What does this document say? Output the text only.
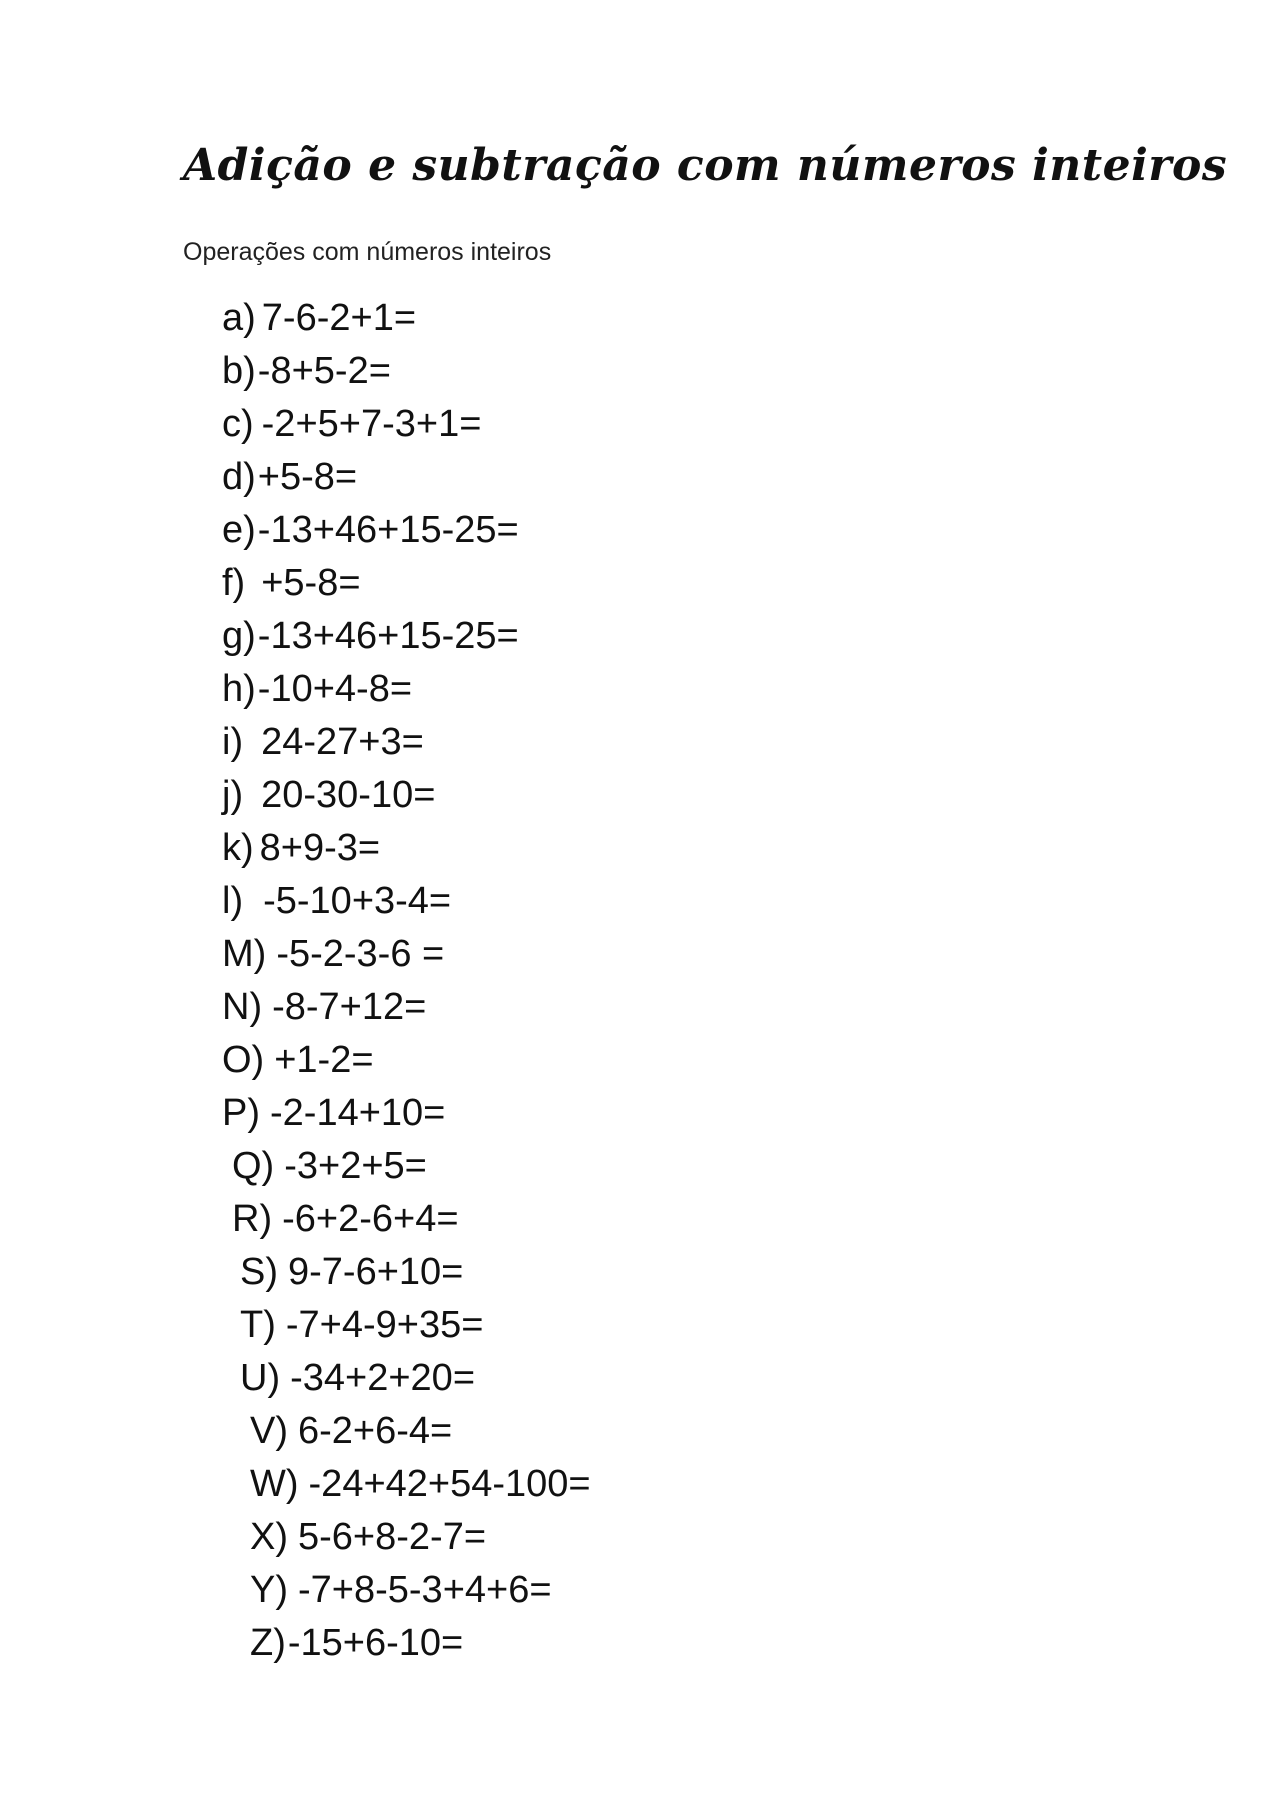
Adição e subtração com números inteiros
Operações com números inteiros
a) 7-6-2+1=
b)-8+5-2=
c) -2+5+7-3+1=
d)+5-8=
e)-13+46+15-25=
f) +5-8=
g)-13+46+15-25=
h)-10+4-8=
i) 24-27+3=
j) 20-30-10=
k) 8+9-3=
l) -5-10+3-4=
M) -5-2-3-6 =
N) -8-7+12=
O) +1-2=
P) -2-14+10=
Q) -3+2+5=
R) -6+2-6+4=
S) 9-7-6+10=
T) -7+4-9+35=
U) -34+2+20=
V) 6-2+6-4=
W) -24+42+54-100=
X) 5-6+8-2-7=
Y) -7+8-5-3+4+6=
Z)-15+6-10=
